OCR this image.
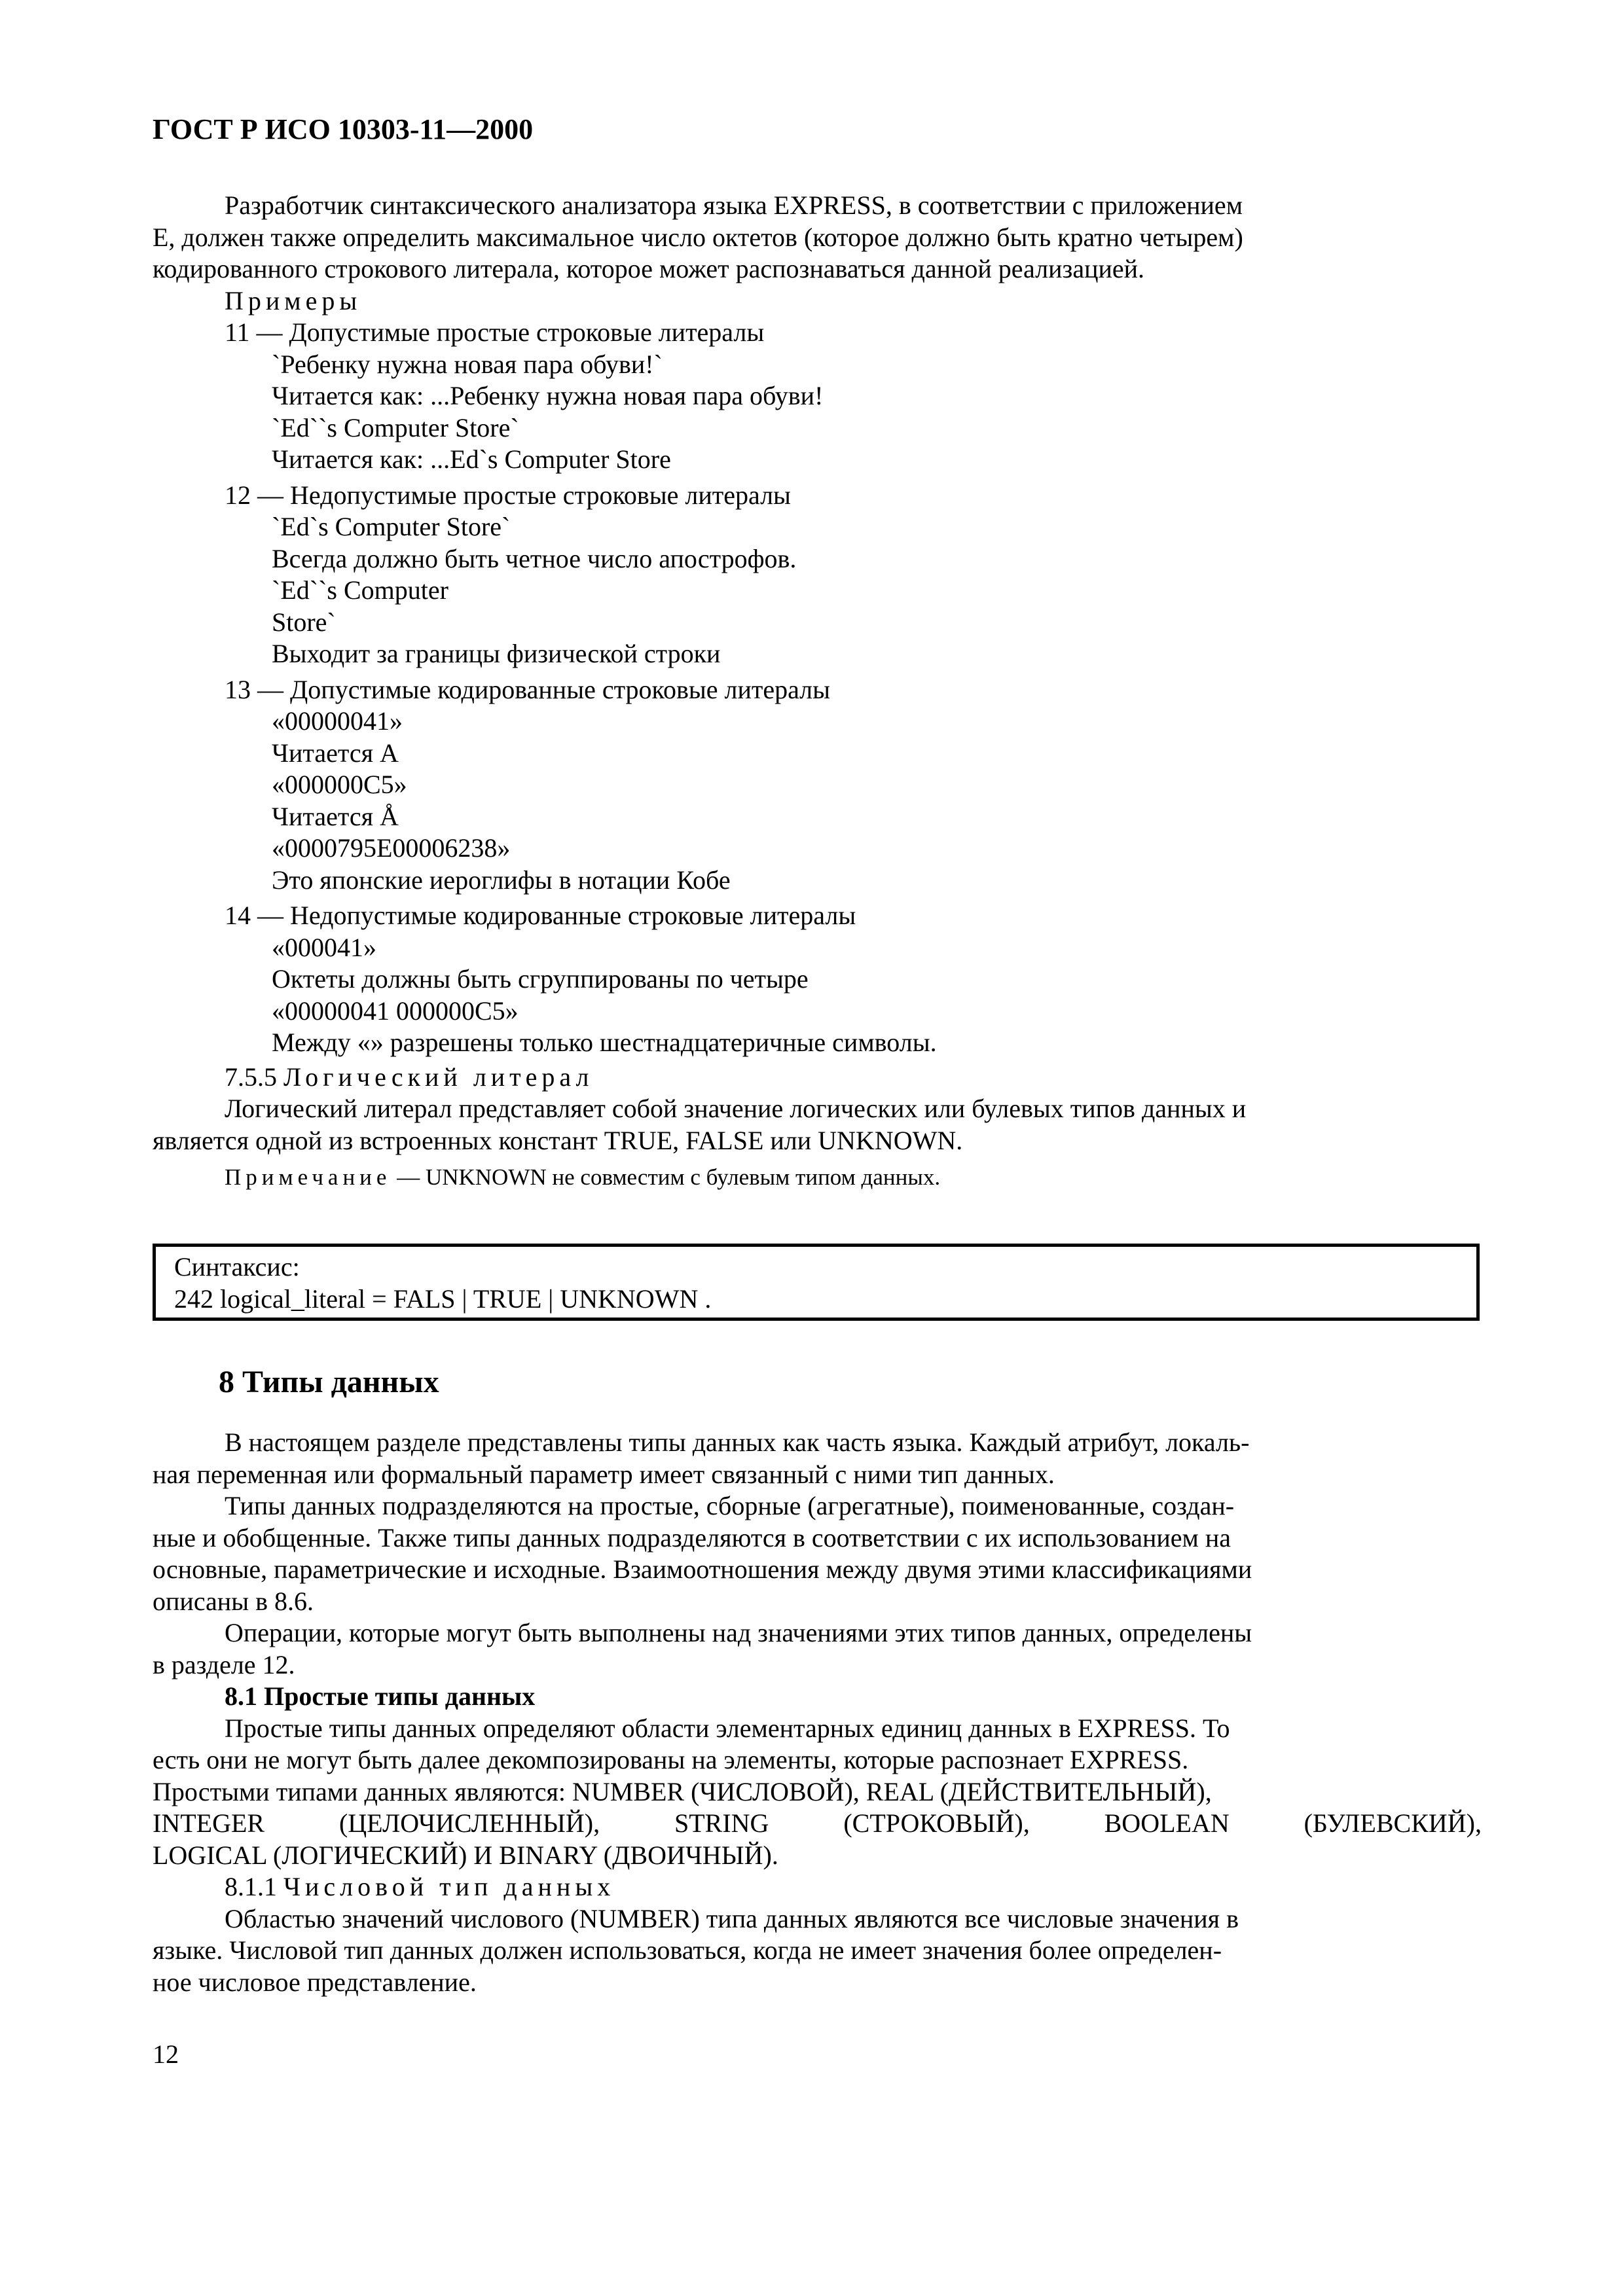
ГОСТ Р ИСО 10303-11—2000

Разработчик синтаксического анализатора языка EXPRESS, в соответствии с приложением

Е, должен также определить максимальное число октетов (которое должно быть кратно четырем)

кодированного строкового литерала, которое может распознаваться данной реализацией.

Примеры

11 — Допустимые простые строковые литералы

`Ребенку нужна новая пара обуви!`

Читается как: ...Ребенку нужна новая пара обуви!

`Ed``s Computer Store`

Читается как: ...Ed`s Computer Store

12 — Недопустимые простые строковые литералы

`Ed`s Computer Store`

Всегда должно быть четное число апострофов.

`Ed``s Computer

Store`

Выходит за границы физической строки

13 — Допустимые кодированные строковые литералы

«00000041»

Читается А

«000000C5»

Читается Å

«0000795E00006238»

Это японские иероглифы в нотации Кобе

14 — Недопустимые кодированные строковые литералы

«000041»

Октеты должны быть сгруппированы по четыре

«00000041 000000C5»

Между «» разрешены только шестнадцатеричные символы.

7.5.5 Логический литерал

Логический литерал представляет собой значение логических или булевых типов данных и

является одной из встроенных констант TRUE, FALSE или UNKNOWN.

Примечание — UNKNOWN не совместим с булевым типом данных.

Синтаксис:
242 logical_literal = FALS | TRUE | UNKNOWN .
8 Типы данных

В настоящем разделе представлены типы данных как часть языка. Каждый атрибут, локаль-

ная переменная или формальный параметр имеет связанный с ними тип данных.

Типы данных подразделяются на простые, сборные (агрегатные), поименованные, создан-

ные и обобщенные. Также типы данных подразделяются в соответствии с их использованием на

основные, параметрические и исходные. Взаимоотношения между двумя этими классификациями

описаны в 8.6.

Операции, которые могут быть выполнены над значениями этих типов данных, определены

в разделе 12.

8.1 Простые типы данных

Простые типы данных определяют области элементарных единиц данных в EXPRESS. То

есть они не могут быть далее декомпозированы на элементы, которые распознает EXPRESS.

Простыми типами данных являются: NUMBER (ЧИСЛОВОЙ), REAL (ДЕЙСТВИТЕЛЬНЫЙ),

INTEGER (ЦЕЛОЧИСЛЕННЫЙ), STRING (СТРОКОВЫЙ), BOOLEAN (БУЛЕВСКИЙ),

LOGICAL (ЛОГИЧЕСКИЙ) И BINARY (ДВОИЧНЫЙ).

8.1.1 Числовой тип данных

Областью значений числового (NUMBER) типа данных являются все числовые значения в

языке. Числовой тип данных должен использоваться, когда не имеет значения более определен-

ное числовое представление.

12
